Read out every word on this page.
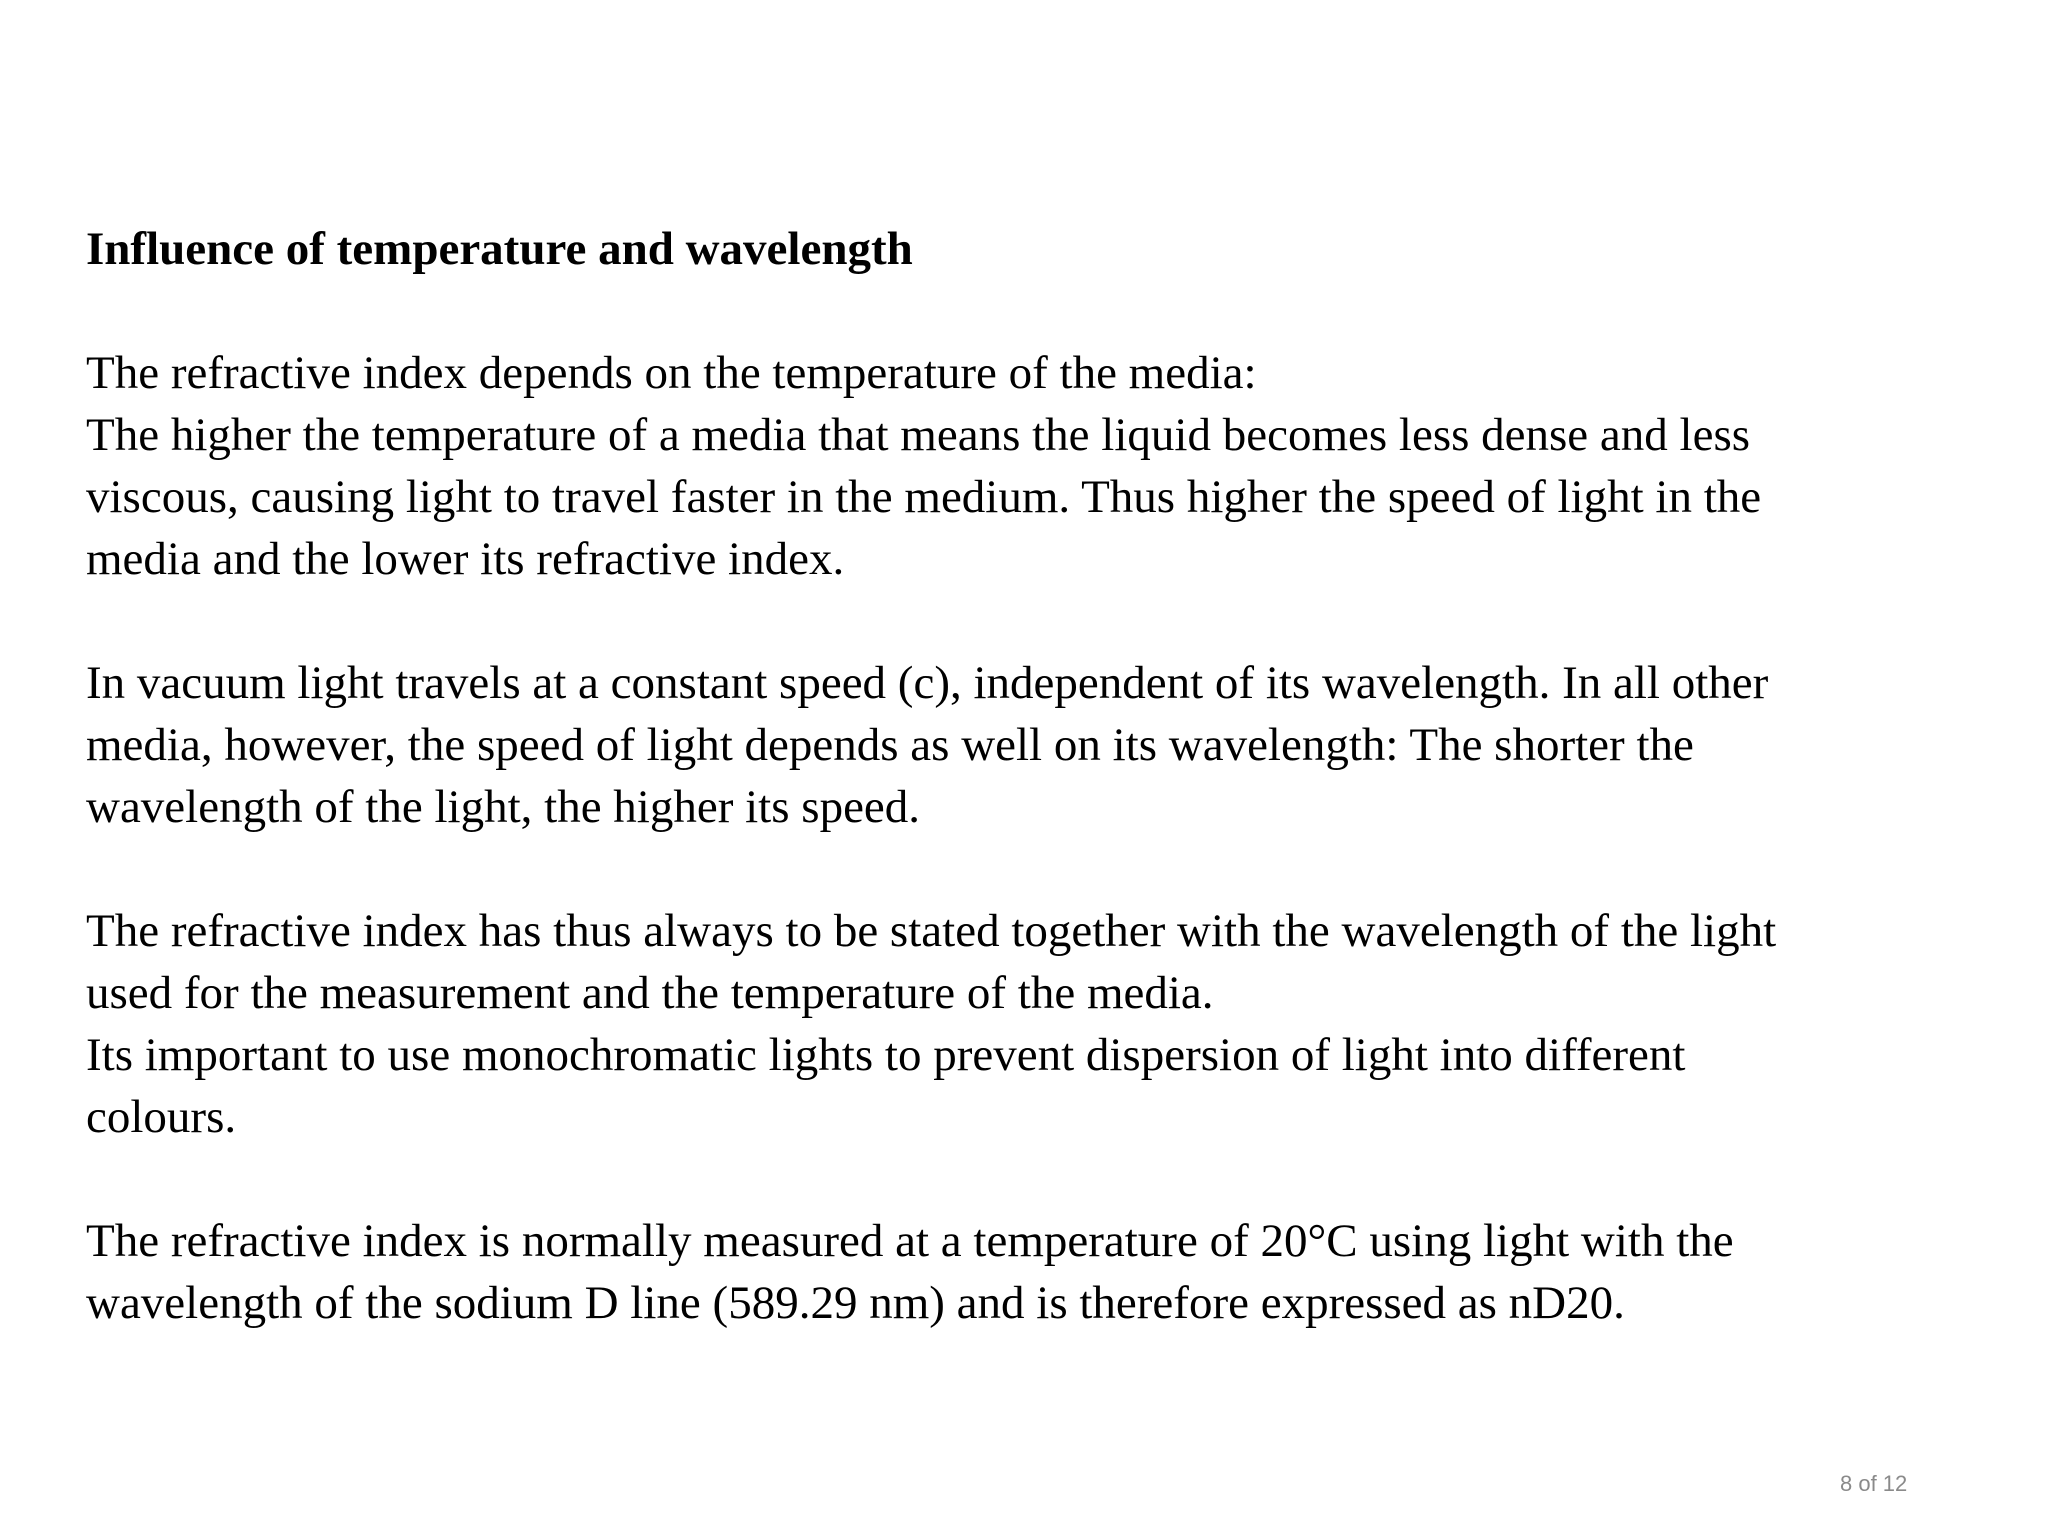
Influence of temperature and wavelength

The refractive index depends on the temperature of the media:

The higher the temperature of a media that means the liquid becomes less dense and less

viscous, causing light to travel faster in the medium. Thus higher the speed of light in the

media and the lower its refractive index.

In vacuum light travels at a constant speed (c), independent of its wavelength. In all other

media, however, the speed of light depends as well on its wavelength: The shorter the

wavelength of the light, the higher its speed.

The refractive index has thus always to be stated together with the wavelength of the light

used for the measurement and the temperature of the media.

Its important to use monochromatic lights to prevent dispersion of light into different

colours.

The refractive index is normally measured at a temperature of 20°C using light with the

wavelength of the sodium D line (589.29 nm) and is therefore expressed as nD20.

8 of 12
